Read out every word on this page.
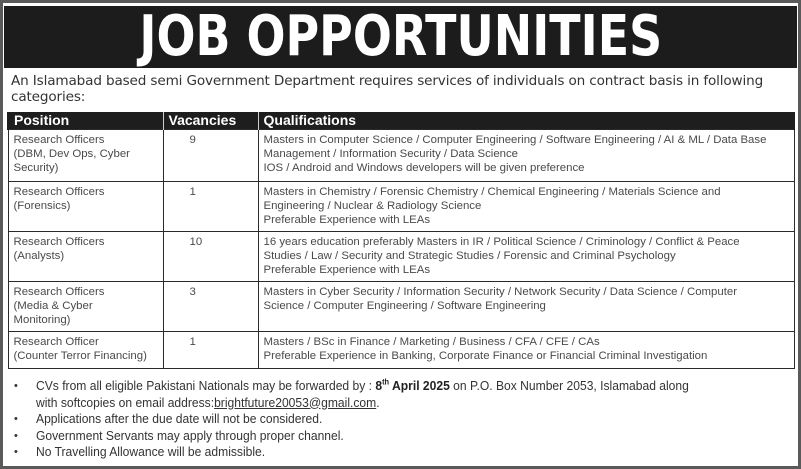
JOB OPPORTUNITIES

An Islamabad based semi Government Department requires services of individuals on contract basis in following categories:

Position	Vacancies	Qualifications

Research Officers
(DBM, Dev Ops, Cyber
Security)
	9	Masters in Computer Science / Computer Engineering / Software Engineering / AI & ML / Data Base
Management / Information Security / Data Science
IOS / Android and Windows developers will be given preference

Research Officers
(Forensics)	1	Masters in Chemistry / Forensic Chemistry / Chemical Engineering / Materials Science and
Engineering / Nuclear & Radiology Science
Preferable Experience with LEAs

Research Officers
(Analysts)	10	16 years education preferably Masters in IR / Political Science / Criminology / Conflict & Peace
Studies / Law / Security and Strategic Studies / Forensic and Criminal Psychology
Preferable Experience with LEAs

Research Officers
(Media & Cyber
Monitoring)	3	Masters in Cyber Security / Information Security / Network Security / Data Science / Computer
Science / Computer Engineering / Software Engineering

Research Officer
(Counter Terror Financing)	1	Masters / BSc in Finance / Marketing / Business / CFA / CFE / CAs
Preferable Experience in Banking, Corporate Finance or Financial Criminal Investigation
• CVs from all eligible Pakistani Nationals may be forwarded by : 8th April 2025 on P.O. Box Number 2053, Islamabad along
with softcopies on email address:brightfuture20053@gmail.com.
• Applications after the due date will not be considered.
• Government Servants may apply through proper channel.
• No Travelling Allowance will be admissible.
